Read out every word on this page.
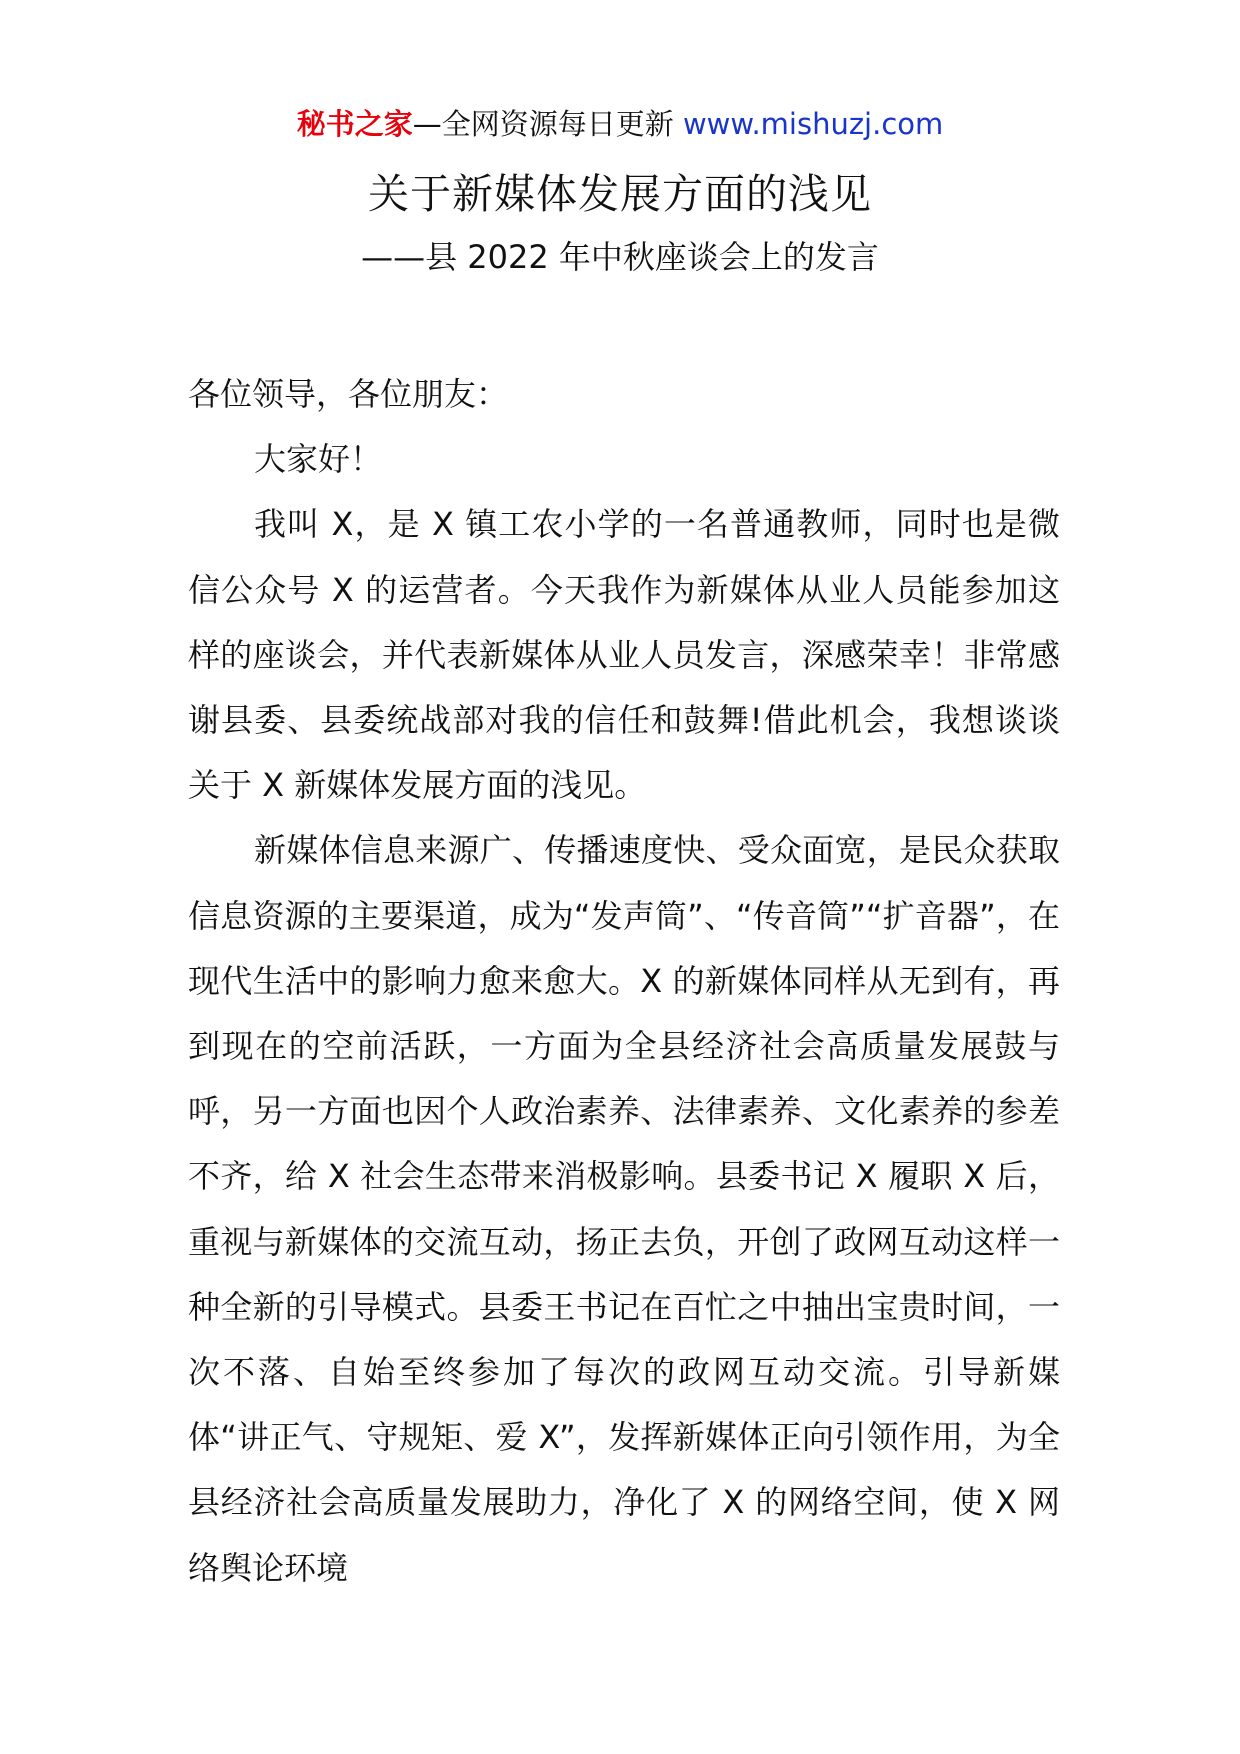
秘书之家—全网资源每日更新 www.mishuzj.com
关于新媒体发展方面的浅见
——县 2022 年中秋座谈会上的发言

各位领导，各位朋友：

大家好！

我叫 X，是 X 镇工农小学的一名普通教师，同时也是微信公众号 X 的运营者。今天我作为新媒体从业人员能参加这样的座谈会，并代表新媒体从业人员发言，深感荣幸！非常感谢县委、县委统战部对我的信任和鼓舞!借此机会，我想谈谈关于 X 新媒体发展方面的浅见。

新媒体信息来源广、传播速度快、受众面宽，是民众获取信息资源的主要渠道，成为“发声筒”、“传音筒”“扩音器”，在现代生活中的影响力愈来愈大。X 的新媒体同样从无到有，再到现在的空前活跃，一方面为全县经济社会高质量发展鼓与呼，另一方面也因个人政治素养、法律素养、文化素养的参差不齐，给 X 社会生态带来消极影响。县委书记 X 履职 X 后，重视与新媒体的交流互动，扬正去负，开创了政网互动这样一种全新的引导模式。县委王书记在百忙之中抽出宝贵时间，一次不落、自始至终参加了每次的政网互动交流。引导新媒体“讲正气、守规矩、爱 X”，发挥新媒体正向引领作用，为全县经济社会高质量发展助力，净化了 X 的网络空间，使 X 网络舆论环境
